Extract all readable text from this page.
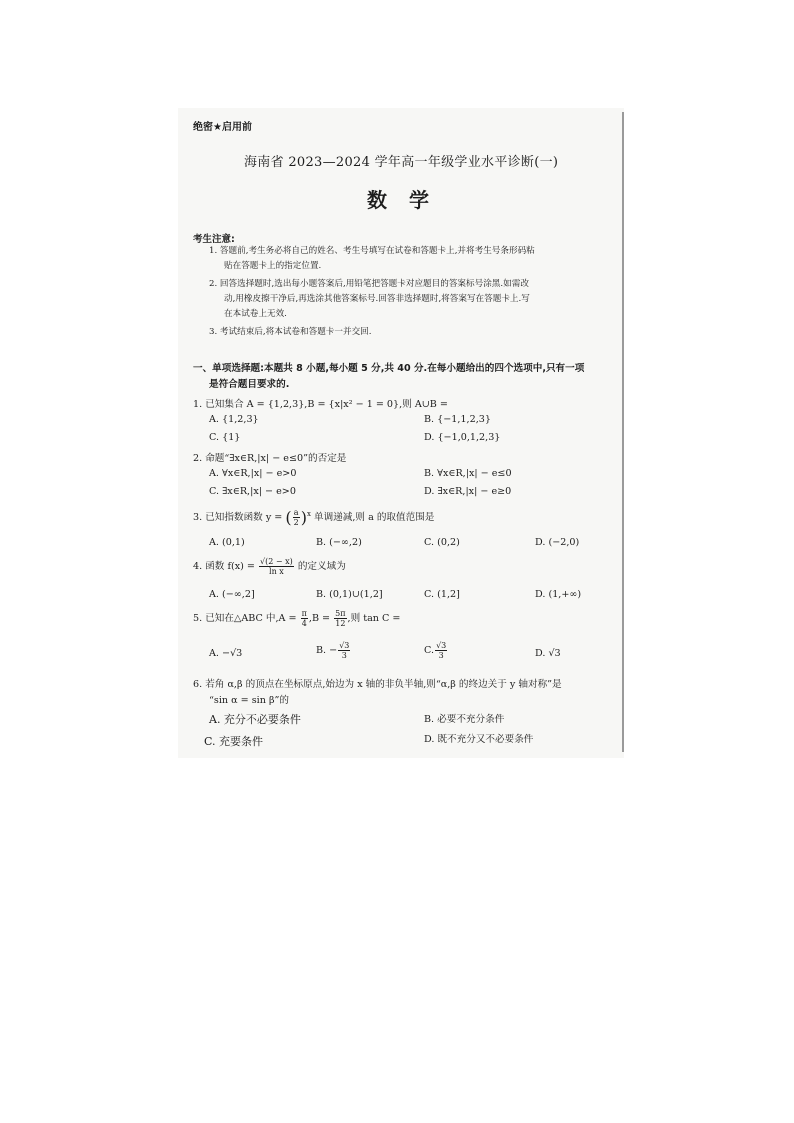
绝密★启用前
海南省 2023—2024 学年高一年级学业水平诊断(一)
数学
考生注意:
1. 答题前,考生务必将自己的姓名、考生号填写在试卷和答题卡上,并将考生号条形码粘
贴在答题卡上的指定位置.
2. 回答选择题时,选出每小题答案后,用铅笔把答题卡对应题目的答案标号涂黑.如需改
动,用橡皮擦干净后,再选涂其他答案标号.回答非选择题时,将答案写在答题卡上.写
在本试卷上无效.
3. 考试结束后,将本试卷和答题卡一并交回.
一、单项选择题:本题共 8 小题,每小题 5 分,共 40 分.在每小题给出的四个选项中,只有一项
是符合题目要求的.
1. 已知集合 A = {1,2,3},B = {x|x² − 1 = 0},则 A∪B =
A. {1,2,3}	B. {−1,1,2,3}
C. {1}	D. {−1,0,1,2,3}
2. 命题“∃x∈R,|x| − e≤0”的否定是
A. ∀x∈R,|x| − e>0	B. ∀x∈R,|x| − e≤0
C. ∃x∈R,|x| − e>0	D. ∃x∈R,|x| − e≥0
3. 已知指数函数 y = ( $\frac{a}{2} )^x$ 单调递减,则 a 的取值范围是
A. (0,1)	B. (−∞,2)	C. (0,2)	D. (−2,0)
4. 函数 $f(x) = \frac{√(2 - x)}{\text{ln x}}$ 的定义域为
A. (−∞,2]	B. (0,1)∪(1,2]	C. (1,2]	D. (1,+∞)
5. 已知在△ABC 中$,A = \frac{\pi}{4} ,B = \frac{5\pi}{12}$ ,则 tan C =
A. −√3	B. − $\frac{√3}{3}$	C. $\frac{√3}{3}$	D. √3
6. 若角 α,β 的顶点在坐标原点,始边为 x 轴的非负半轴,则“α,β 的终边关于 y 轴对称”是
“sin α = sin β”的
A. 充分不必要条件	B. 必要不充分条件
C. 充要条件	D. 既不充分又不必要条件
